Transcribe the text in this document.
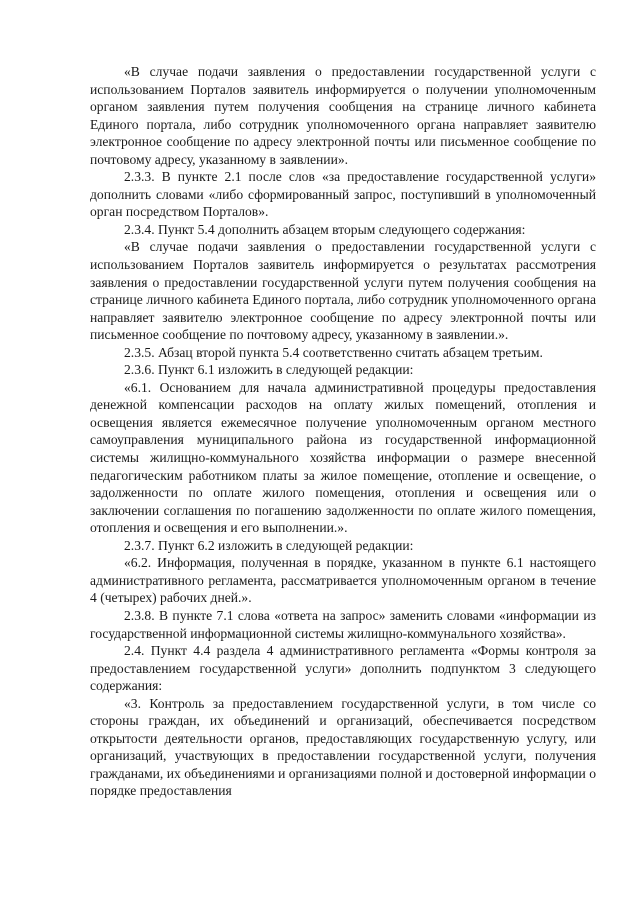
«В случае подачи заявления о предоставлении государственной услуги с использованием Порталов заявитель информируется о получении уполномоченным органом заявления путем получения сообщения на странице личного кабинета Единого портала, либо сотрудник уполномоченного органа направляет заявителю электронное сообщение по адресу электронной почты или письменное сообщение по почтовому адресу, указанному в заявлении».

2.3.3. В пункте 2.1 после слов «за предоставление государственной услуги» дополнить словами «либо сформированный запрос, поступивший в уполномоченный орган посредством Порталов».

2.3.4. Пункт 5.4 дополнить абзацем вторым следующего содержания:

«В случае подачи заявления о предоставлении государственной услуги с использованием Порталов заявитель информируется о результатах рассмотрения заявления о предоставлении государственной услуги путем получения сообщения на странице личного кабинета Единого портала, либо сотрудник уполномоченного органа направляет заявителю электронное сообщение по адресу электронной почты или письменное сообщение по почтовому адресу, указанному в заявлении.».

2.3.5. Абзац второй пункта 5.4 соответственно считать абзацем третьим.

2.3.6. Пункт 6.1 изложить в следующей редакции:

«6.1. Основанием для начала административной процедуры предоставления денежной компенсации расходов на оплату жилых помещений, отопления и освещения является ежемесячное получение уполномоченным органом местного самоуправления муниципального района из государственной информационной системы жилищно-коммунального хозяйства информации о размере внесенной педагогическим работником платы за жилое помещение, отопление и освещение, о задолженности по оплате жилого помещения, отопления и освещения или о заключении соглашения по погашению задолженности по оплате жилого помещения, отопления и освещения и его выполнении.».

2.3.7. Пункт 6.2 изложить в следующей редакции:

«6.2. Информация, полученная в порядке, указанном в пункте 6.1 настоящего административного регламента, рассматривается уполномоченным органом в течение 4 (четырех) рабочих дней.».

2.3.8. В пункте 7.1 слова «ответа на запрос» заменить словами «информации из государственной информационной системы жилищно-коммунального хозяйства».

2.4. Пункт 4.4 раздела 4 административного регламента «Формы контроля за предоставлением государственной услуги» дополнить подпунктом 3 следующего содержания:

«3. Контроль за предоставлением государственной услуги, в том числе со стороны граждан, их объединений и организаций, обеспечивается посредством открытости деятельности органов, предоставляющих государственную услугу, или организаций, участвующих в предоставлении государственной услуги, получения гражданами, их объединениями и организациями полной и достоверной информации о порядке предоставления
